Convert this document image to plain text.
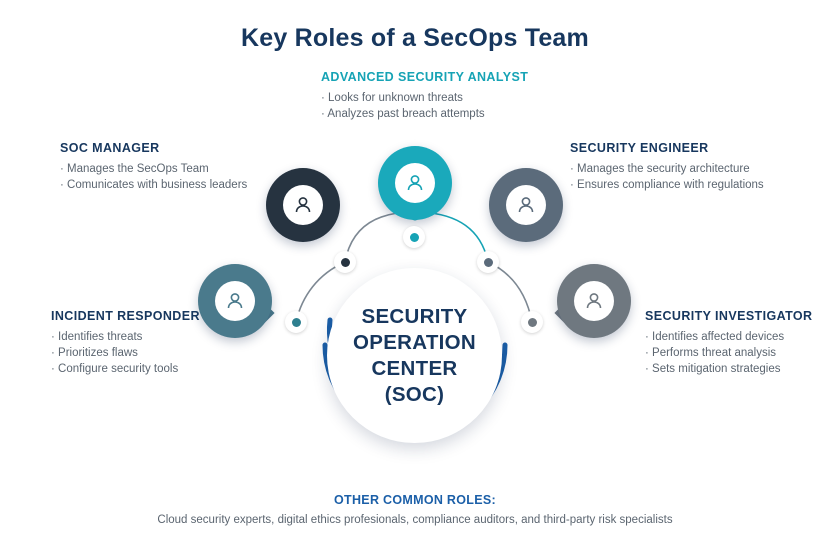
Key Roles of a SecOps Team
SECURITY
OPERATION
CENTER
(SOC)
ADVANCED SECURITY ANALYST
· Looks for unknown threats
· Analyzes past breach attempts
SOC MANAGER
· Manages the SecOps Team
· Comunicates with business leaders
SECURITY ENGINEER
· Manages the security architecture
· Ensures compliance with regulations
INCIDENT RESPONDER
· Identifies threats
· Prioritizes flaws
· Configure security tools
SECURITY INVESTIGATOR
· Identifies affected devices
· Performs threat analysis
· Sets mitigation strategies
OTHER COMMON ROLES:
Cloud security experts, digital ethics profesionals, compliance auditors, and third-party risk specialists
